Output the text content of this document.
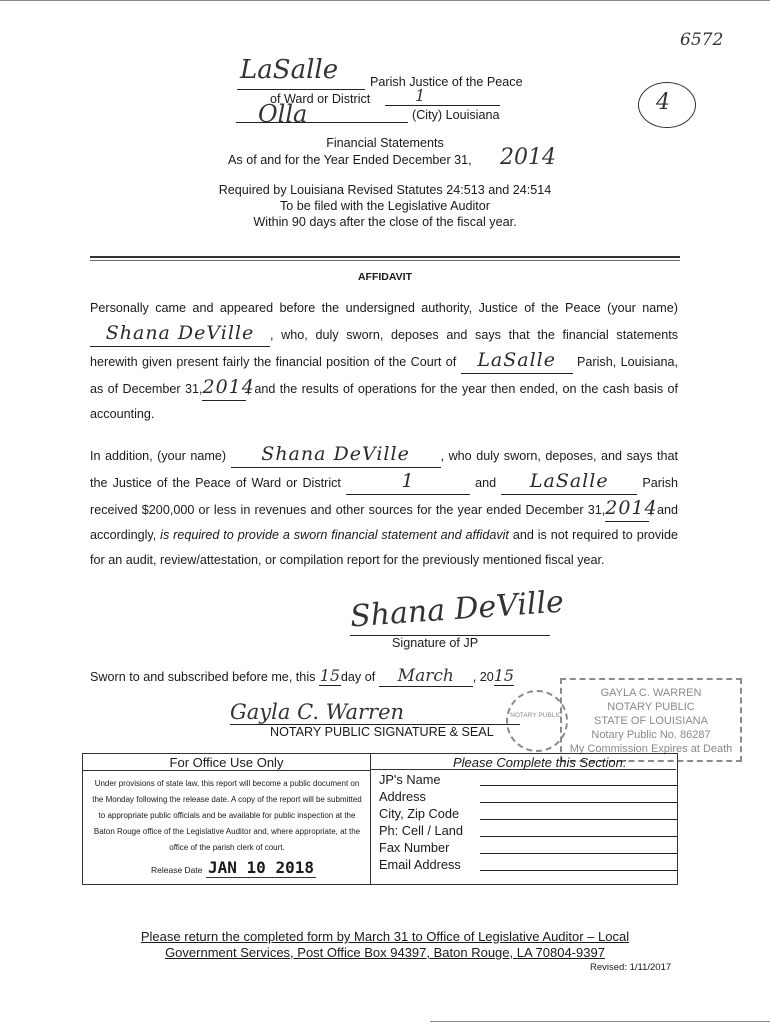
6572
4
LaSalle	Parish Justice of the Peace
of Ward or District	1
Olla	(City) Louisiana
Financial Statements
As of and for the Year Ended December 31, 2014
Required by Louisiana Revised Statutes 24:513 and 24:514
To be filed with the Legislative Auditor
Within 90 days after the close of the fiscal year.
AFFIDAVIT
Personally came and appeared before the undersigned authority, Justice of the Peace (your name) Shana DeVille , who, duly sworn, deposes and says that the financial statements herewith given present fairly the financial position of the Court of LaSalle Parish, Louisiana, as of December 31,2014, and the results of operations for the year then ended, on the cash basis of accounting.
In addition, (your name) Shana DeVille , who duly sworn, deposes, and says that the Justice of the Peace of Ward or District	1	and LaSalle	Parish received $200,000 or less in revenues and other sources for the year ended December 31,2014, and accordingly, is required to provide a sworn financial statement and affidavit and is not required to provide for an audit, review/attestation, or compilation report for the previously mentioned fiscal year.
Shana DeVille
Signature of JP
Sworn to and subscribed before me, this 15day of March , 2015
Gayla C. Warren
NOTARY PUBLIC SIGNATURE & SEAL
NOTARY PUBLIC
GAYLA C. WARREN
NOTARY PUBLIC
STATE OF LOUISIANA
Notary Public No. 86287
My Commission Expires at Death
For Office Use Only
Under provisions of state law, this report will become a public document on the Monday following the release date. A copy of the report will be submitted to appropriate public officials and be available for public inspection at the Baton Rouge office of the Legislative Auditor and, where appropriate, at the office of the parish clerk of court.
Release Date JAN 10 2018
Please Complete this Section:
JP's Name
Address
City, Zip Code
Ph: Cell / Land
Fax Number
Email Address
Please return the completed form by March 31 to Office of Legislative Auditor – Local
Government Services, Post Office Box 94397, Baton Rouge, LA 70804-9397
Revised: 1/11/2017
